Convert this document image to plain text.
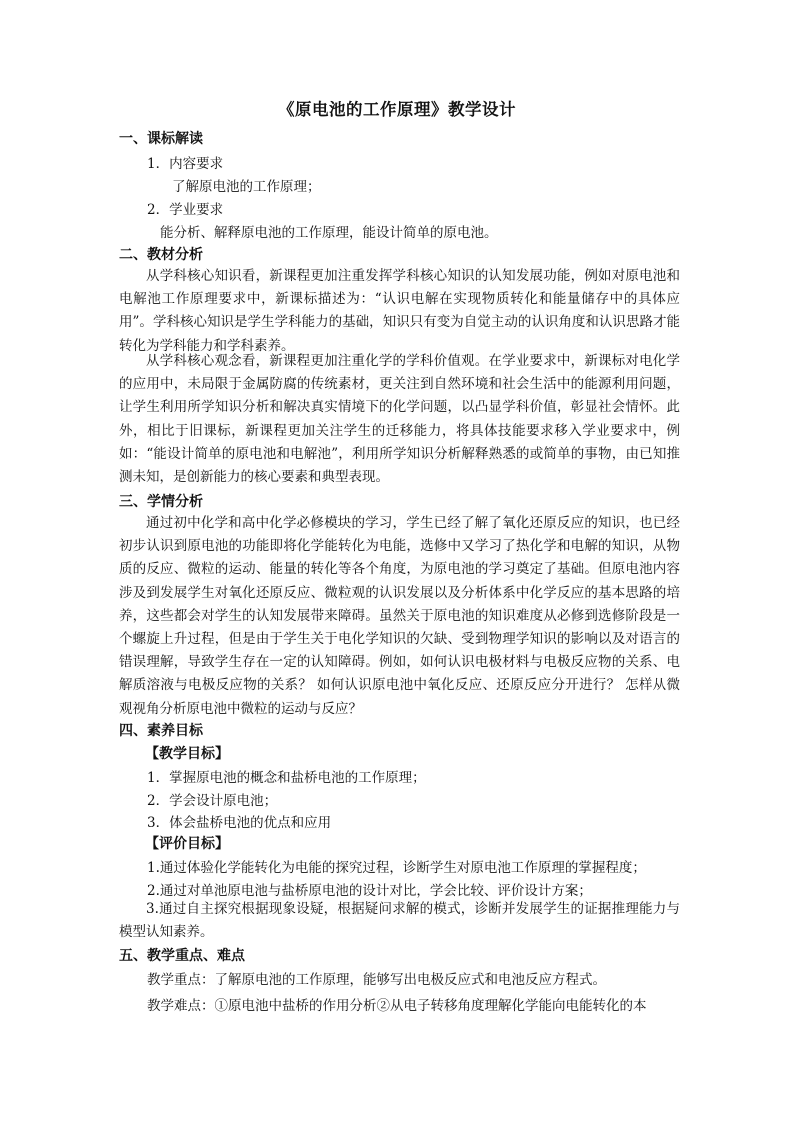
《原电池的工作原理》教学设计
一、课标解读
1．内容要求
了解原电池的工作原理；
2．学业要求
能分析、解释原电池的工作原理，能设计简单的原电池。
二、教材分析
从学科核心知识看，新课程更加注重发挥学科核心知识的认知发展功能，例如对原电池和电解池工作原理要求中，新课标描述为：“认识电解在实现物质转化和能量储存中的具体应用”。学科核心知识是学生学科能力的基础，知识只有变为自觉主动的认识角度和认识思路才能转化为学科能力和学科素养。
从学科核心观念看，新课程更加注重化学的学科价值观。在学业要求中，新课标对电化学的应用中，未局限于金属防腐的传统素材，更关注到自然环境和社会生活中的能源利用问题，让学生利用所学知识分析和解决真实情境下的化学问题，以凸显学科价值，彰显社会情怀。此外，相比于旧课标，新课程更加关注学生的迁移能力，将具体技能要求移入学业要求中，例如：“能设计简单的原电池和电解池”，利用所学知识分析解释熟悉的或简单的事物，由已知推测未知，是创新能力的核心要素和典型表现。
三、学情分析
通过初中化学和高中化学必修模块的学习，学生已经了解了氧化还原反应的知识，也已经初步认识到原电池的功能即将化学能转化为电能，选修中又学习了热化学和电解的知识，从物质的反应、微粒的运动、能量的转化等各个角度，为原电池的学习奠定了基础。但原电池内容涉及到发展学生对氧化还原反应、微粒观的认识发展以及分析体系中化学反应的基本思路的培养，这些都会对学生的认知发展带来障碍。虽然关于原电池的知识难度从必修到选修阶段是一个螺旋上升过程，但是由于学生关于电化学知识的欠缺、受到物理学知识的影响以及对语言的错误理解，导致学生存在一定的认知障碍。例如，如何认识电极材料与电极反应物的关系、电解质溶液与电极反应物的关系？ 如何认识原电池中氧化反应、还原反应分开进行？ 怎样从微观视角分析原电池中微粒的运动与反应？
四、素养目标
【教学目标】
1．掌握原电池的概念和盐桥电池的工作原理；
2．学会设计原电池；
3．体会盐桥电池的优点和应用
【评价目标】
1.通过体验化学能转化为电能的探究过程，诊断学生对原电池工作原理的掌握程度；
2.通过对单池原电池与盐桥原电池的设计对比，学会比较、评价设计方案；
3.通过自主探究根据现象设疑，根据疑问求解的模式，诊断并发展学生的证据推理能力与模型认知素养。
五、教学重点、难点
教学重点：了解原电池的工作原理，能够写出电极反应式和电池反应方程式。
教学难点：①原电池中盐桥的作用分析②从电子转移角度理解化学能向电能转化的本
